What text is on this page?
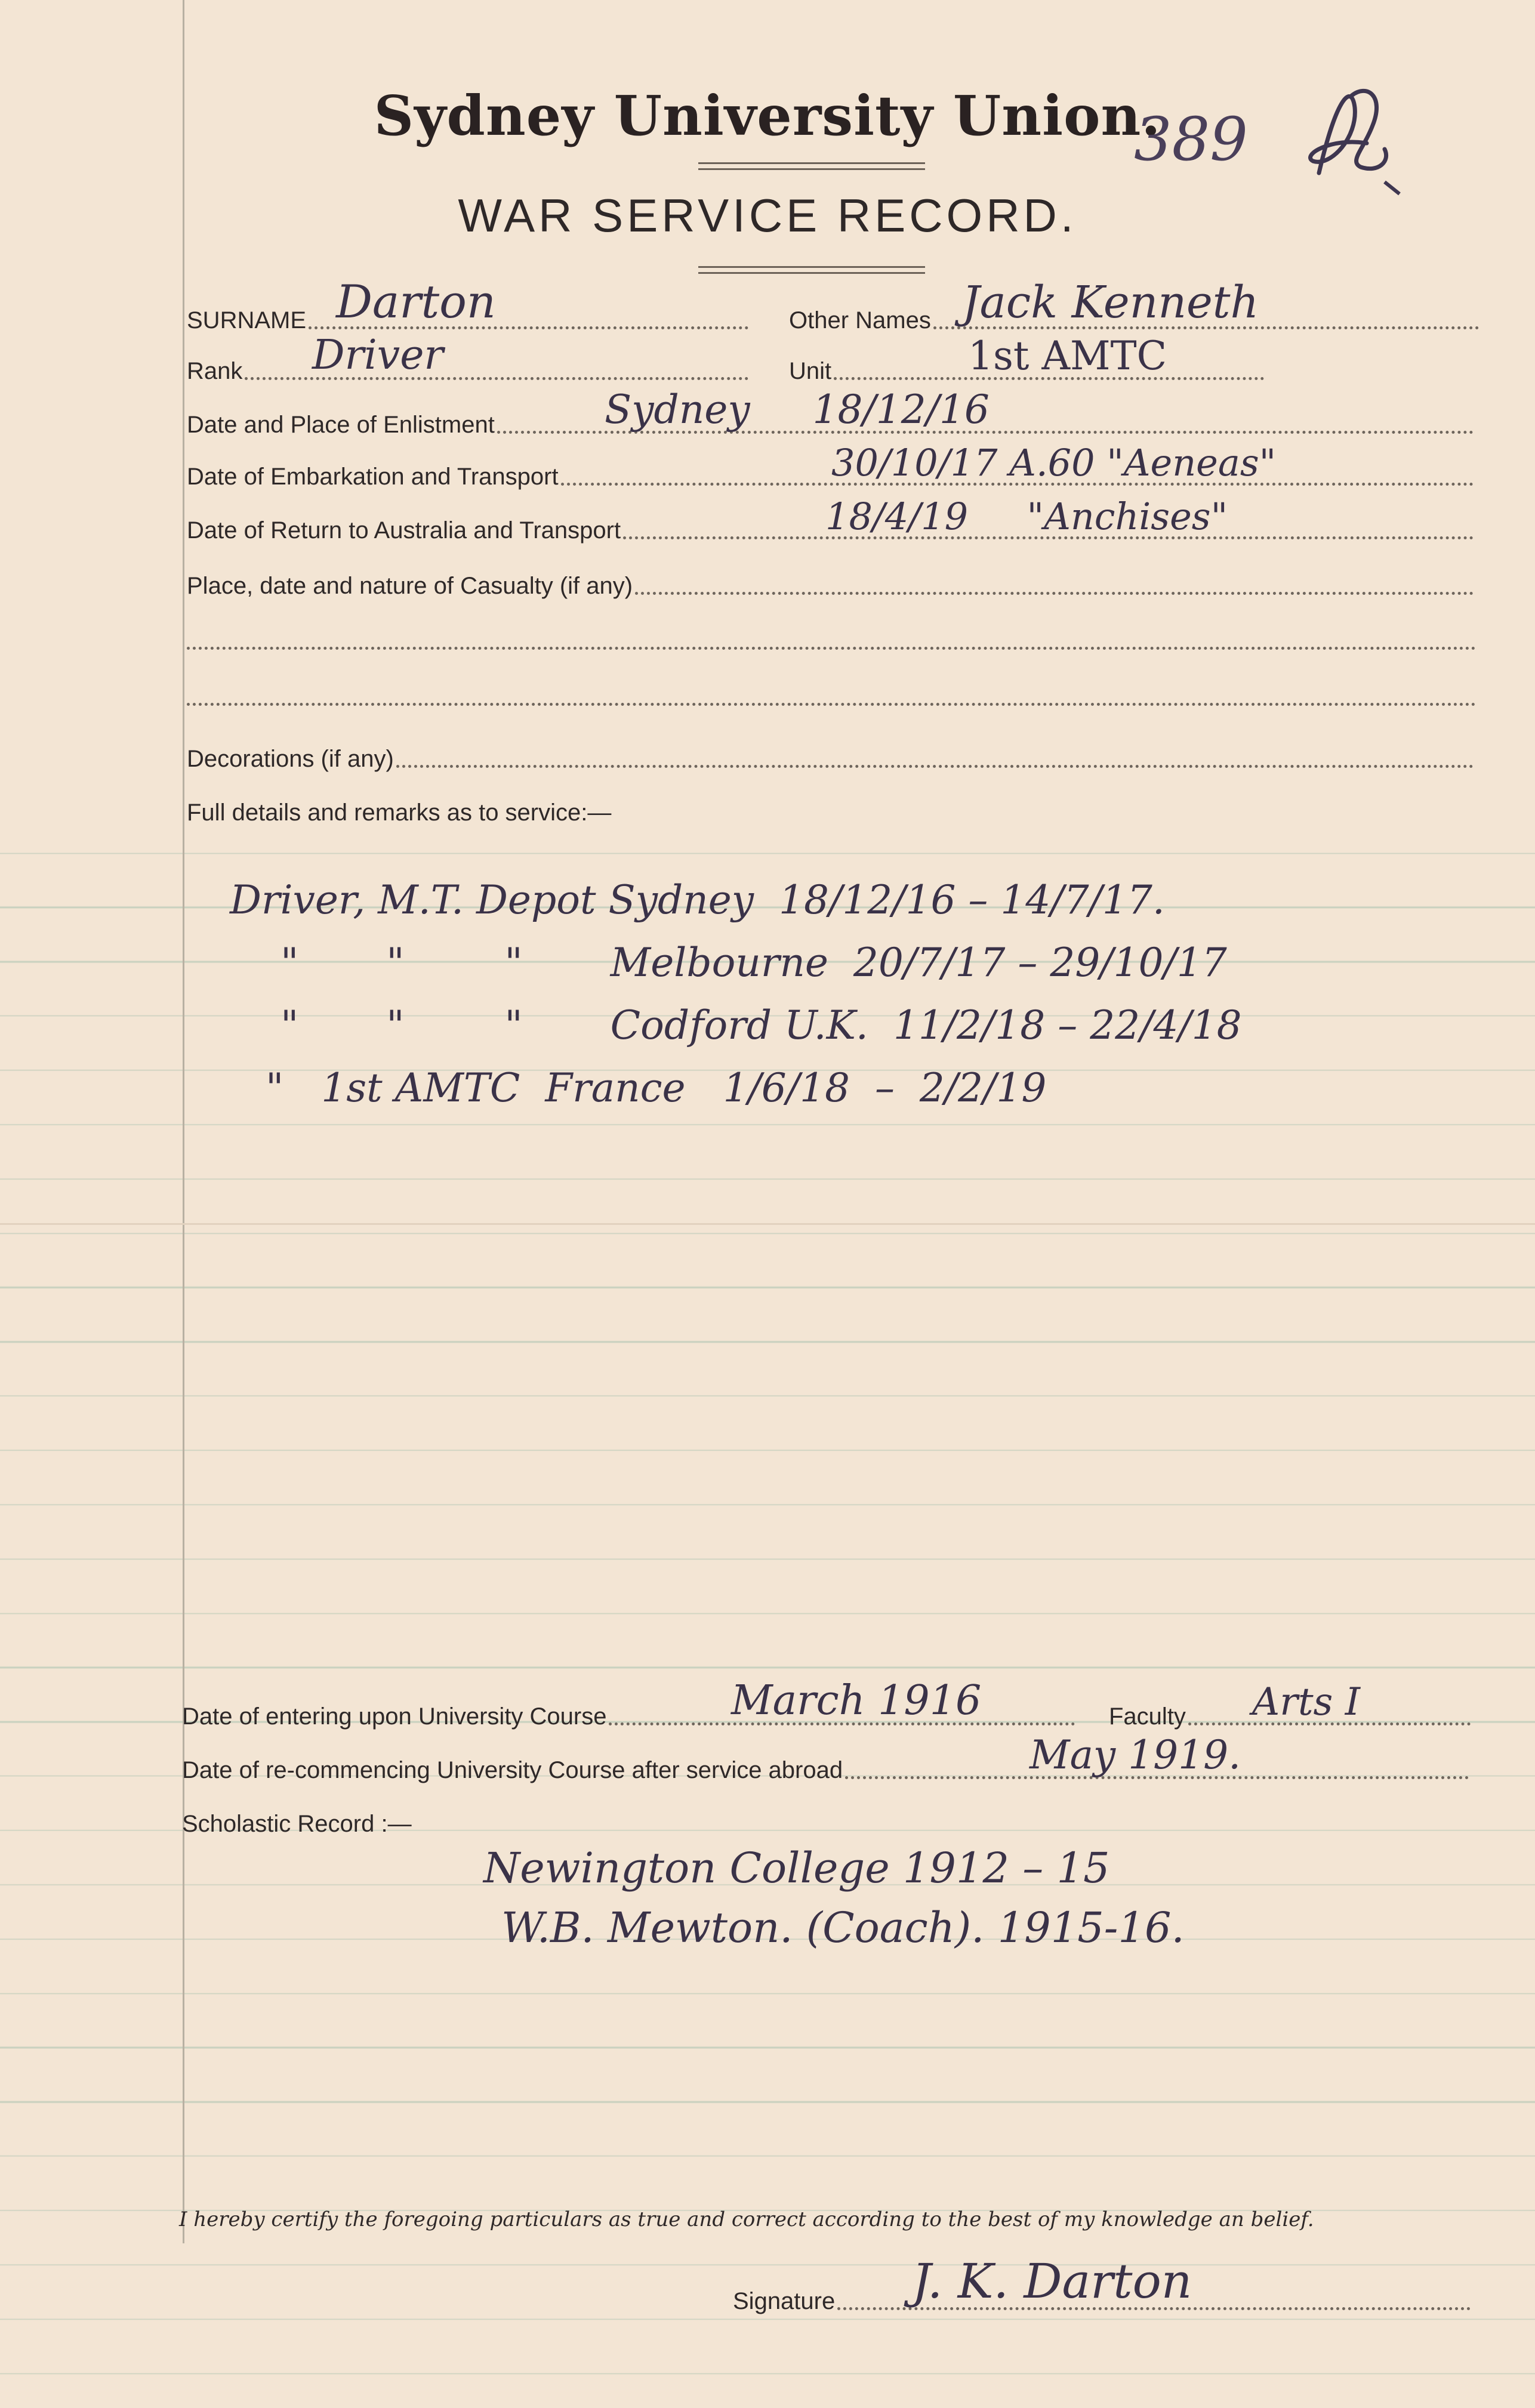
Sydney University Union.
389
WAR SERVICE RECORD.
SURNAME Darton	Other Names Jack Kenneth
Rank Driver	Unit	1st AMTC
Date and Place of Enlistment	Sydney     18/12/16
Date of Embarkation and Transport	30/10/17 A.60 "Aeneas"
Date of Return to Australia and Transport	18/4/19     "Anchises"
Place, date and nature of Casualty (if any)
Decorations (if any)
Full details and remarks as to service:—
Driver, M.T. Depot Sydney  18/12/16 – 14/7/17.
"       "        "       Melbourne  20/7/17 – 29/10/17
"       "        "       Codford U.K.  11/2/18 – 22/4/18
"   1st AMTC  France   1/6/18  –  2/2/19
Date of entering upon University Course	March 1916	Faculty Arts I
Date of re-commencing University Course after service abroad	May 1919.
Scholastic Record :—
Newington College 1912 – 15
W.B. Mewton. (Coach). 1915-16.
I hereby certify the foregoing particulars as true and correct according to the best of my knowledge an belief.
Signature J. K. Darton
